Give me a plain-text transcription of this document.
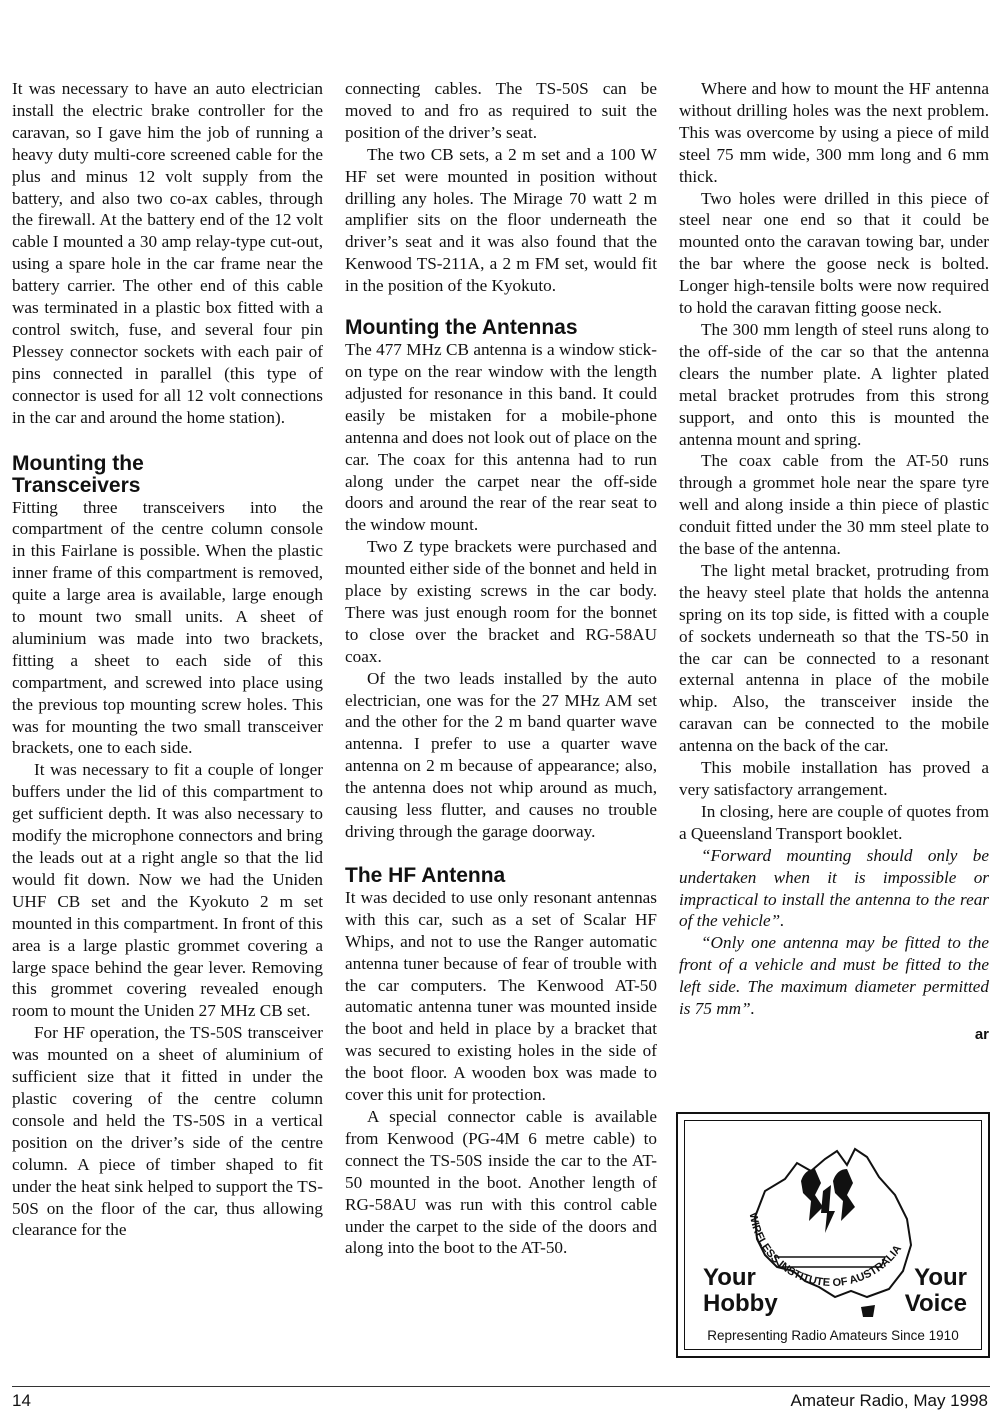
It was necessary to have an auto electrician install the electric brake controller for the caravan, so I gave him the job of running a heavy duty multi-core screened cable for the plus and minus 12 volt supply from the battery, and also two co-ax cables, through the firewall. At the battery end of the 12 volt cable I mounted a 30 amp relay-type cut-out, using a spare hole in the car frame near the battery carrier. The other end of this cable was terminated in a plastic box fitted with a control switch, fuse, and several four pin Plessey connector sockets with each pair of pins connected in parallel (this type of connector is used for all 12 volt connections in the car and around the home station).

Mounting the Transceivers

Fitting three transceivers into the compartment of the centre column console in this Fairlane is possible. When the plastic inner frame of this compartment is removed, quite a large area is available, large enough to mount two small units. A sheet of aluminium was made into two brackets, fitting a sheet to each side of this compartment, and screwed into place using the previous top mounting screw holes. This was for mounting the two small transceiver brackets, one to each side.

It was necessary to fit a couple of longer buffers under the lid of this compartment to get sufficient depth. It was also necessary to modify the microphone connectors and bring the leads out at a right angle so that the lid would fit down. Now we had the Uniden UHF CB set and the Kyokuto 2 m set mounted in this compartment. In front of this area is a large plastic grommet covering a large space behind the gear lever. Removing this grommet covering revealed enough room to mount the Uniden 27 MHz CB set.

For HF operation, the TS-50S transceiver was mounted on a sheet of aluminium of sufficient size that it fitted in under the plastic covering of the centre column console and held the TS-50S in a vertical position on the driver’s side of the centre column. A piece of timber shaped to fit under the heat sink helped to support the TS-50S on the floor of the car, thus allowing clearance for the

connecting cables. The TS-50S can be moved to and fro as required to suit the position of the driver’s seat.

The two CB sets, a 2 m set and a 100 W HF set were mounted in position without drilling any holes. The Mirage 70 watt 2 m amplifier sits on the floor underneath the driver’s seat and it was also found that the Kenwood TS-211A, a 2 m FM set, would fit in the position of the Kyokuto.

Mounting the Antennas

The 477 MHz CB antenna is a window stick-on type on the rear window with the length adjusted for resonance in this band. It could easily be mistaken for a mobile-phone antenna and does not look out of place on the car. The coax for this antenna had to run along under the carpet near the off-side doors and around the rear of the rear seat to the window mount.

Two Z type brackets were purchased and mounted either side of the bonnet and held in place by existing screws in the car body. There was just enough room for the bonnet to close over the bracket and RG-58AU coax.

Of the two leads installed by the auto electrician, one was for the 27 MHz AM set and the other for the 2 m band quarter wave antenna. I prefer to use a quarter wave antenna on 2 m because of appearance; also, the antenna does not whip around as much, causing less flutter, and causes no trouble driving through the garage doorway.

The HF Antenna

It was decided to use only resonant antennas with this car, such as a set of Scalar HF Whips, and not to use the Ranger automatic antenna tuner because of fear of trouble with the car computers. The Kenwood AT-50 automatic antenna tuner was mounted inside the boot and held in place by a bracket that was secured to existing holes in the side of the boot floor. A wooden box was made to cover this unit for protection.

A special connector cable is available from Kenwood (PG-4M 6 metre cable) to connect the TS-50S inside the car to the AT-50 mounted in the boot. Another length of RG-58AU was run with this control cable under the carpet to the side of the doors and along into the boot to the AT-50.

Where and how to mount the HF antenna without drilling holes was the next problem. This was overcome by using a piece of mild steel 75 mm wide, 300 mm long and 6 mm thick.

Two holes were drilled in this piece of steel near one end so that it could be mounted onto the caravan towing bar, under the bar where the goose neck is bolted. Longer high-tensile bolts were now required to hold the caravan fitting goose neck.

The 300 mm length of steel runs along to the off-side of the car so that the antenna clears the number plate. A lighter plated metal bracket protrudes from this strong support, and onto this is mounted the antenna mount and spring.

The coax cable from the AT-50 runs through a grommet hole near the spare tyre well and along inside a thin piece of plastic conduit fitted under the 30 mm steel plate to the base of the antenna.

The light metal bracket, protruding from the heavy steel plate that holds the antenna spring on its top side, is fitted with a couple of sockets underneath so that the TS-50 in the car can be connected to a resonant external antenna in place of the mobile whip. Also, the transceiver inside the caravan can be connected to the mobile antenna on the back of the car.

This mobile installation has proved a very satisfactory arrangement.

In closing, here are couple of quotes from a Queensland Transport booklet.

“Forward mounting should only be undertaken when it is impossible or impractical to install the antenna to the rear of the vehicle”.

“Only one antenna may be fitted to the front of a vehicle and must be fitted to the left side. The maximum diameter permitted is 75 mm”.

ar
WIRELESS INSTITUTE OF AUSTRALIA
Your
Hobby
Your
Voice
Representing Radio Amateurs Since 1910
14	Amateur Radio, May 1998
